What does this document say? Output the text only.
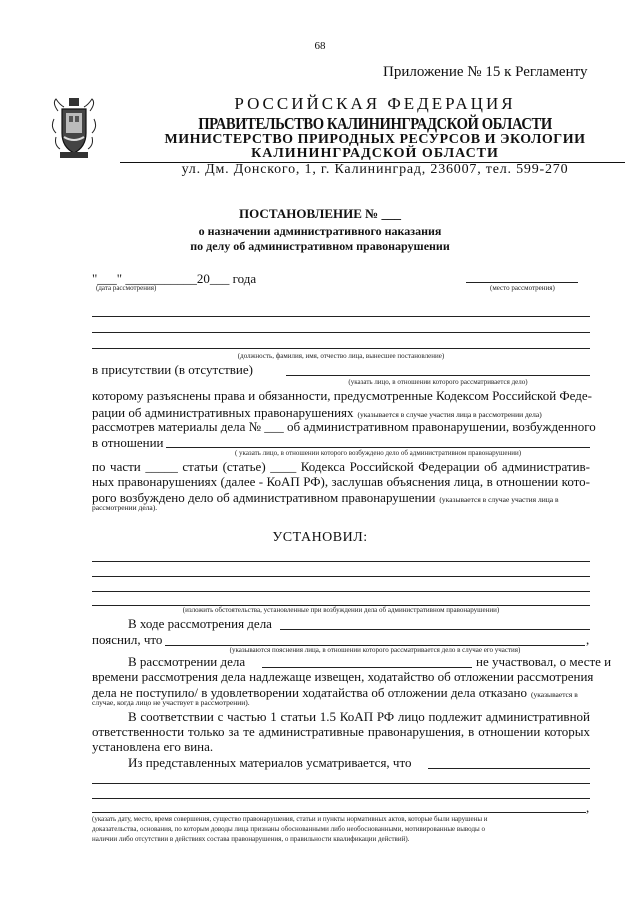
68
Приложение № 15 к Регламенту
РОССИЙСКАЯ ФЕДЕРАЦИЯ
ПРАВИТЕЛЬСТВО КАЛИНИНГРАДСКОЙ ОБЛАСТИ
МИНИСТЕРСТВО ПРИРОДНЫХ РЕСУРСОВ И ЭКОЛОГИИ
КАЛИНИНГРАДСКОЙ ОБЛАСТИ
ул. Дм. Донского, 1, г. Калининград, 236007, тел. 599-270
ПОСТАНОВЛЕНИЕ № ___
о назначении административного наказания
по делу об административном правонарушении
"___" ___________20___ года
(дата рассмотрения)	(место рассмотрения)
(должность, фамилия, имя, отчество лица, вынесшее постановление)
в присутствии (в отсутствие)
(указать лицо, в отношении которого рассматривается дело)
которому разъяснены права и обязанности, предусмотренные Кодексом Российской Феде-
рации об административных правонарушениях (указывается в случае участия лица в рассмотрении дела)
рассмотрев материалы дела № ___ об административном правонарушении, возбужденного
в отношении
( указать лицо, в отношении которого возбуждено дело об административном правонарушении)
по части _____ статьи (статье) ____ Кодекса Российской Федерации об административ-
ных правонарушениях (далее - КоАП РФ), заслушав объяснения лица, в отношении кото-
рого возбуждено дело об административном правонарушении (указывается в случае участия лица в
рассмотрении дела).
УСТАНОВИЛ:
(изложить обстоятельства, установленные при возбуждении дела об административном правонарушении)
В ходе рассмотрения дела
пояснил, что	,
(указываются пояснения лица, в отношении которого рассматривается дело в случае его участия)
В рассмотрении дела	не участвовал, о месте и
времени рассмотрения дела надлежаще извещен, ходатайство об отложении рассмотрения
дела не поступило/ в удовлетворении ходатайства об отложении дела отказано (указывается в
случае, когда лицо не участвует в рассмотрении).
В соответствии с частью 1 статьи 1.5 КоАП РФ лицо подлежит административной
ответственности только за те административные правонарушения, в отношении которых
установлена его вина.
Из представленных материалов усматривается, что
,
(указать дату, место, время совершения, существо правонарушения, статьи и пункты нормативных актов, которые были нарушены и
доказательства, основания, по которым доводы лица признаны обоснованными либо необоснованными, мотивированные выводы о
наличии либо отсутствии в действиях состава правонарушения, о правильности квалификации действий).
